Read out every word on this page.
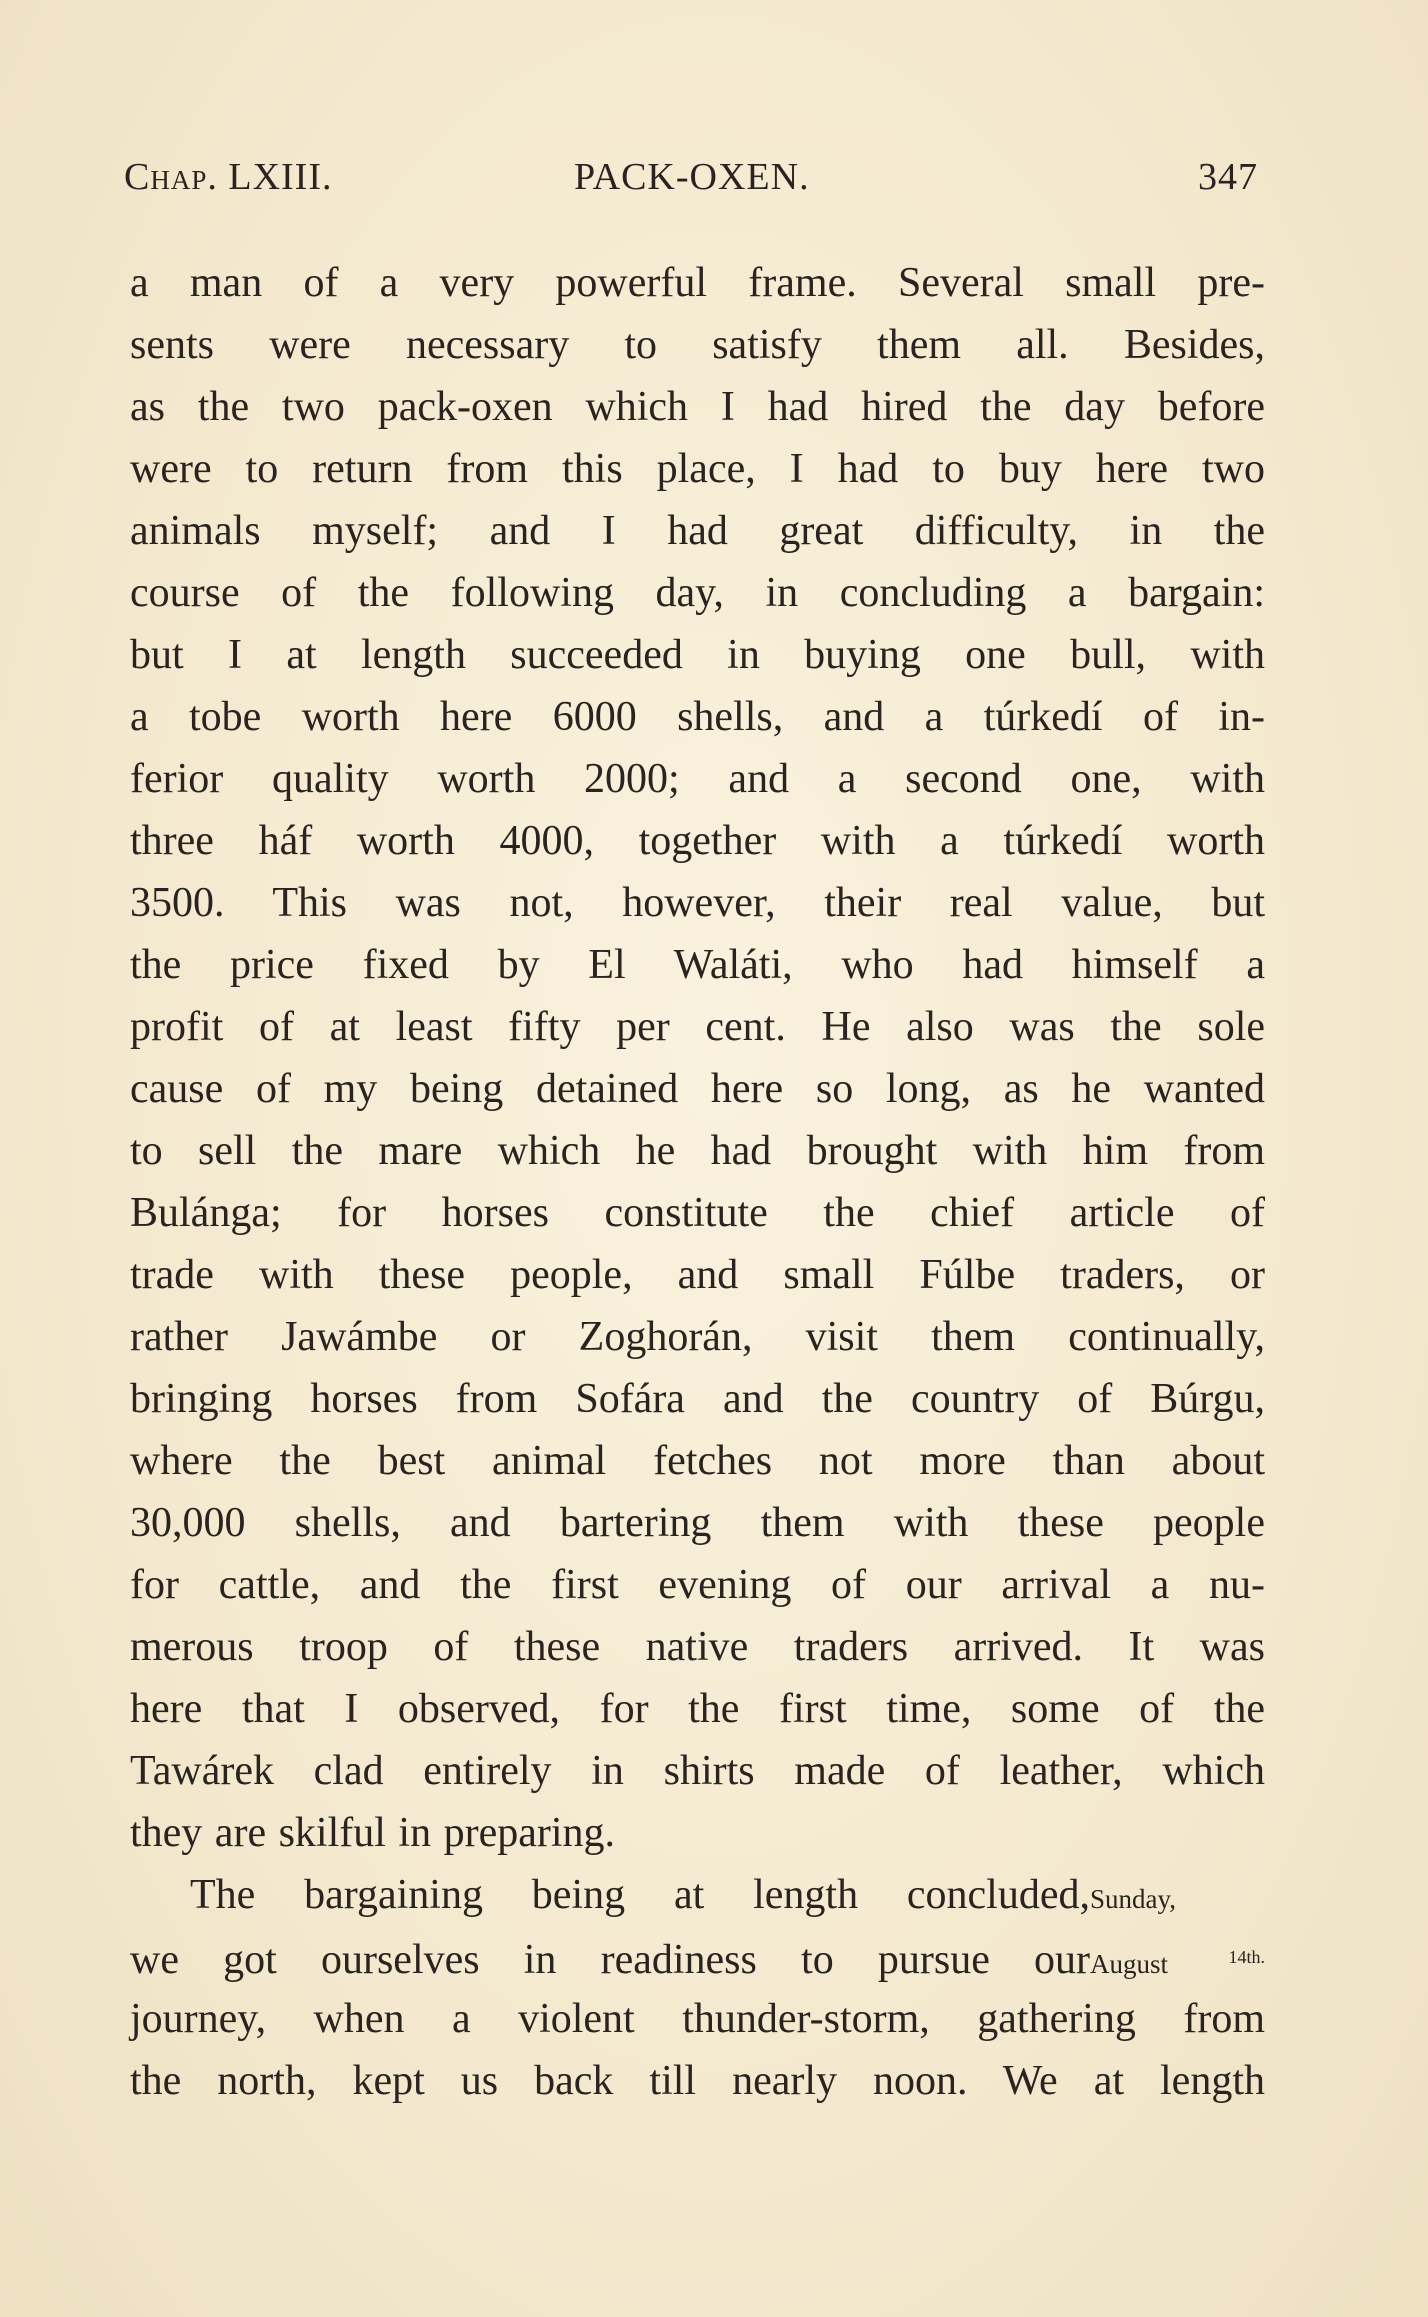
Chap. LXIII.	PACK-OXEN.	347
a man of a very powerful frame. Several small pre-
sents were necessary to satisfy them all. Besides,
as the two pack-oxen which I had hired the day before
were to return from this place, I had to buy here two
animals myself; and I had great difficulty, in the
course of the following day, in concluding a bargain:
but I at length succeeded in buying one bull, with
a tobe worth here 6000 shells, and a túrkedí of in-
ferior quality worth 2000; and a second one, with
three háf worth 4000, together with a túrkedí worth
3500. This was not, however, their real value, but
the price fixed by El Waláti, who had himself a
profit of at least fifty per cent. He also was the sole
cause of my being detained here so long, as he wanted
to sell the mare which he had brought with him from
Bulánga; for horses constitute the chief article of
trade with these people, and small Fúlbe traders, or
rather Jawámbe or Zoghorán, visit them continually,
bringing horses from Sofára and the country of Búrgu,
where the best animal fetches not more than about
30,000 shells, and bartering them with these people
for cattle, and the first evening of our arrival a nu-
merous troop of these native traders arrived. It was
here that I observed, for the first time, some of the
Tawárek clad entirely in shirts made of leather, which
they are skilful in preparing.
The bargaining being at length concluded, Sunday,
we got ourselves in readiness to pursue our August	$^{14th.}$
journey, when a violent thunder-storm, gathering from
the north, kept us back till nearly noon. We at length
